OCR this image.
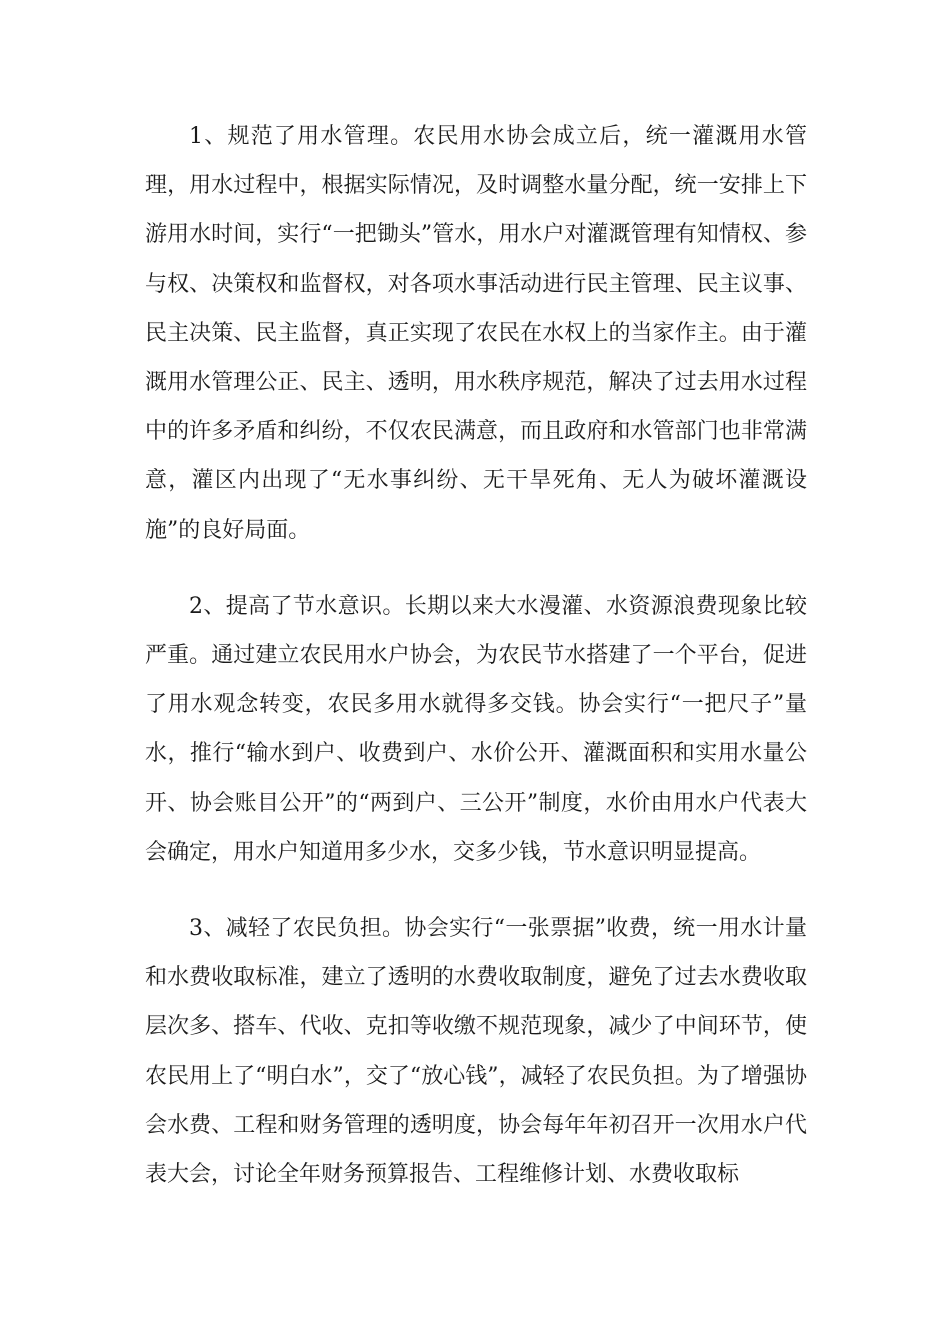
1、规范了用水管理。农民用水协会成立后，统一灌溉用水管理，用水过程中，根据实际情况，及时调整水量分配，统一安排上下游用水时间，实行“一把锄头”管水，用水户对灌溉管理有知情权、参与权、决策权和监督权，对各项水事活动进行民主管理、民主议事、民主决策、民主监督，真正实现了农民在水权上的当家作主。由于灌溉用水管理公正、民主、透明，用水秩序规范，解决了过去用水过程中的许多矛盾和纠纷，不仅农民满意，而且政府和水管部门也非常满意，灌区内出现了“无水事纠纷、无干旱死角、无人为破坏灌溉设施”的良好局面。

2、提高了节水意识。长期以来大水漫灌、水资源浪费现象比较严重。通过建立农民用水户协会，为农民节水搭建了一个平台，促进了用水观念转变，农民多用水就得多交钱。协会实行“一把尺子”量水，推行“输水到户、收费到户、水价公开、灌溉面积和实用水量公开、协会账目公开”的“两到户、三公开”制度，水价由用水户代表大会确定，用水户知道用多少水，交多少钱，节水意识明显提高。

3、减轻了农民负担。协会实行“一张票据”收费，统一用水计量和水费收取标准，建立了透明的水费收取制度，避免了过去水费收取层次多、搭车、代收、克扣等收缴不规范现象，减少了中间环节，使农民用上了“明白水”，交了“放心钱”，减轻了农民负担。为了增强协会水费、工程和财务管理的透明度，协会每年年初召开一次用水户代表大会，讨论全年财务预算报告、工程维修计划、水费收取标
